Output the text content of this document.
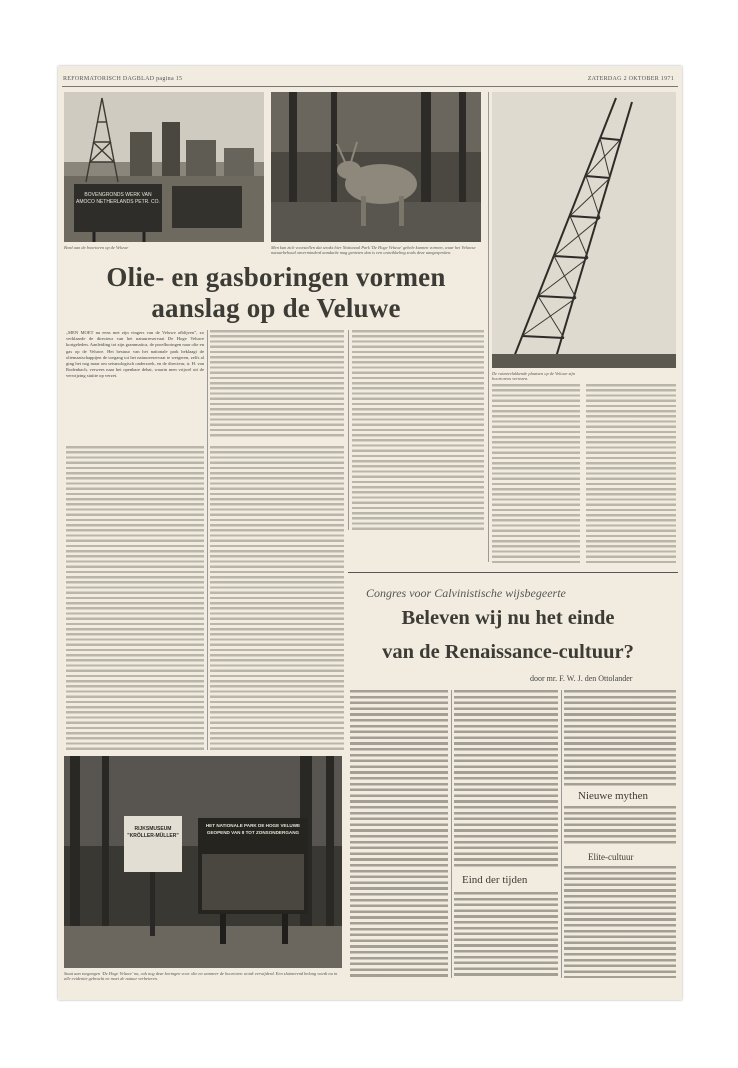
REFORMATORISCH DAGBLAD pagina 15	ZATERDAG 2 OKTOBER 1971
BOVENGRONDS WERK VAN
AMOCO NETHERLANDS PETR. CO.
Bord aan de boortoren op de Veluwe	Men kan zich voorstellen dat straks hier Nationaal Park 'De Hoge Veluwe' gehele kunnen vormen, waar het Veluwse natuurbehoud onverminderd aandacht mag genieten dan is een ontwikkeling zoals deze aangesproken.
De ruimtevlakkende plaatsen op de Veluwe zijn boortorens verrezen.
Olie- en gasboringen vormen
aanslag op de Veluwe
„MEN MOET nu eens met zijn vingers van de Veluwe afblijven”, zo verklaarde de directeur van het natuurreservaat De Hoge Veluwe kortgeleden. Aanleiding tot zijn grammatica, de proefboringen naar olie en gas op de Veluwe. Het bestuur van het nationale park beklaagt de oliemaatschappijen de toegang tot het natuurreservaat te weigeren, zelfs al ging het nog maar om seismologisch onderzoek, en de directeur, ir. H. van Rodenbach, verwees naar het openbare debat, waarin men vrijwel uit de verwijzing stuitte op verzet.
Congres voor Calvinistische wijsbegeerte
Beleven wij nu het einde
van de Renaissance-cultuur?
door mr. F. W. J. den Ottolander
Eind der tijden
Nieuwe mythen
Elite-cultuur
RIJKSMUSEUM
"KRÖLLER-MÜLLER"
HET NATIONALE PARK DE HOGE VELUWE
GEOPEND VAN 8 TOT ZONSONDERGANG
Staat aan toegangen ‘De Hoge Veluwe’ na, ook nog deze boringen voor olie en wanneer de boortoren wordt verwijderd. Een sluimerend belang wordt nu in alle evidentie gebracht en moet de natuur verbeteren.
